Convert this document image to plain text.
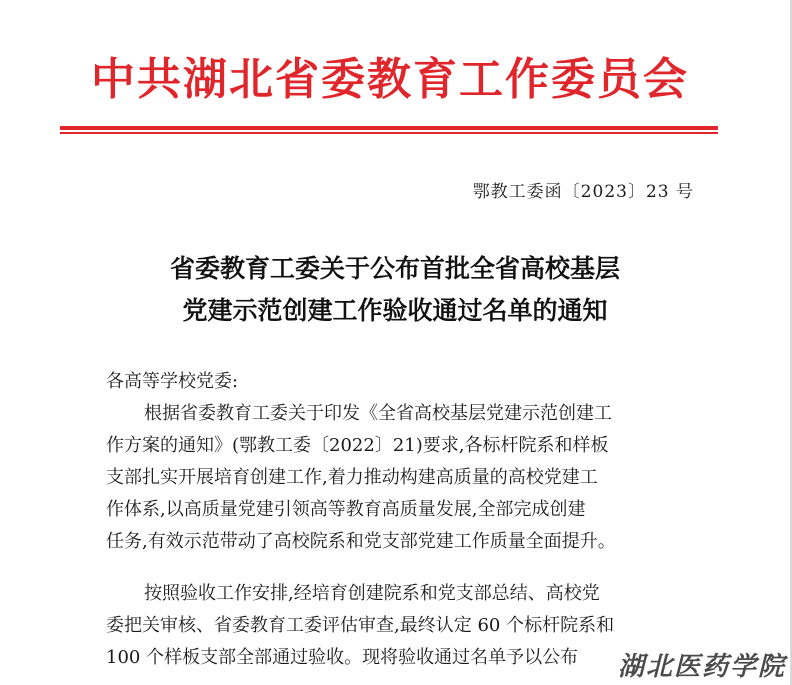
中共湖北省委教育工作委员会
鄂教工委函〔2023〕23 号
省委教育工委关于公布首批全省高校基层
党建示范创建工作验收通过名单的通知
各高等学校党委:
根据省委教育工委关于印发《全省高校基层党建示范创建工
作方案的通知》(鄂教工委〔2022〕21)要求,各标杆院系和样板
支部扎实开展培育创建工作,着力推动构建高质量的高校党建工
作体系,以高质量党建引领高等教育高质量发展,全部完成创建
任务,有效示范带动了高校院系和党支部党建工作质量全面提升。
按照验收工作安排,经培育创建院系和党支部总结、高校党
委把关审核、省委教育工委评估审查,最终认定 60 个标杆院系和
100 个样板支部全部通过验收。现将验收通过名单予以公布	湖北医药学院
